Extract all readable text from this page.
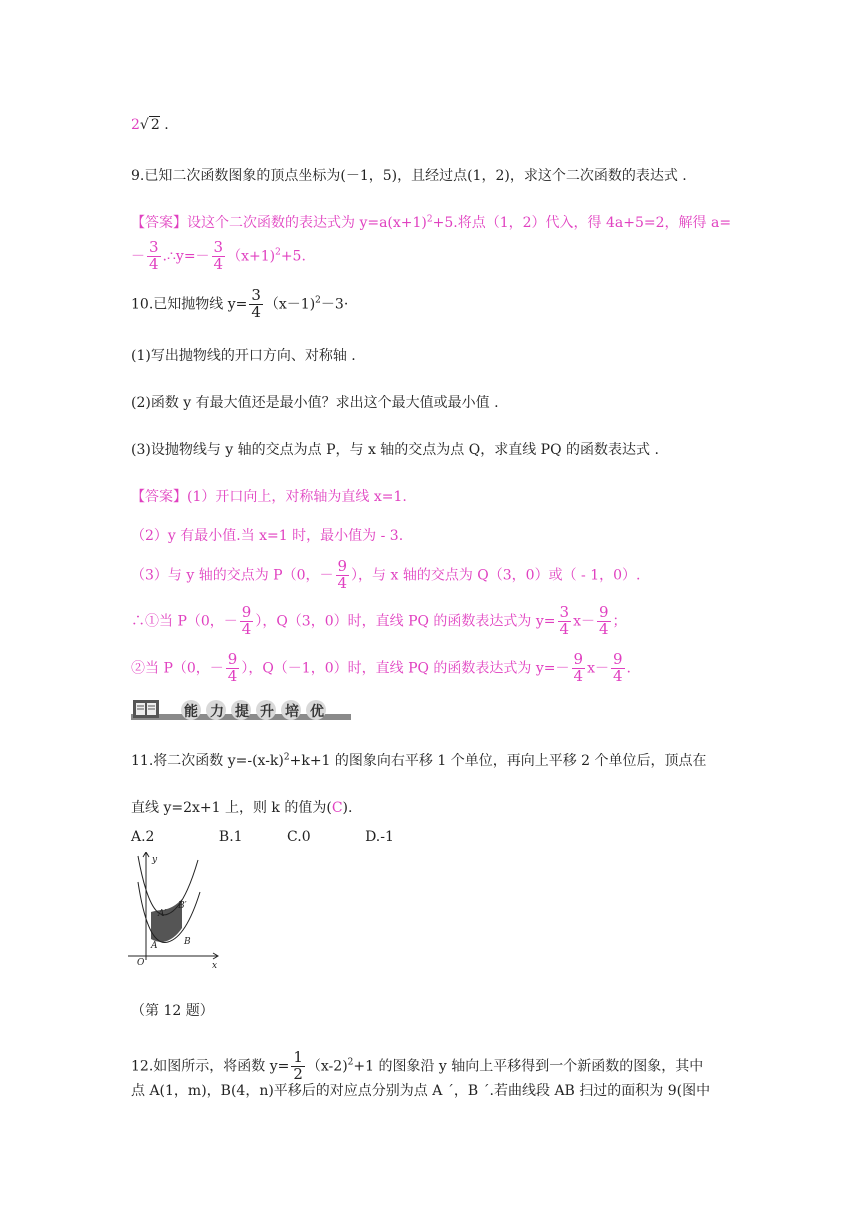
2√ 2 .
9.已知二次函数图象的顶点坐标为(－1，5)，且经过点(1，2)，求这个二次函数的表达式 .
【答案】设这个二次函数的表达式为 $y=a(x+1)^2+5$.将点（1，2）代入，得 4a+5=2，解得 a=
－ $\frac{3}{4}$ .∴y=－ $\frac{3}{4} (x+1)^2+5$.
10.已知抛物线 $y= \frac{3}{4} (x-1)^2-3\cdot$
(1)写出抛物线的开口方向、对称轴 .
(2)函数 y 有最大值还是最小值？求出这个最大值或最小值 .
(3)设抛物线与 y 轴的交点为点 P，与 x 轴的交点为点 Q，求直线 PQ 的函数表达式 .
【答案】(1）开口向上，对称轴为直线 x=1.
（2）y 有最小值.当 x=1 时，最小值为 - 3.
（3）与 y 轴的交点为 P（0，－ $\frac{9}{4}$ ），与 x 轴的交点为 Q（3，0）或（ - 1，0）.
∴①当 P（0，－ $\frac{9}{4}$ ），Q（3，0）时，直线 PQ 的函数表达式为 $y= \frac{3}{4} x- \frac{9}{4}$ ；
②当 P（0，－ $\frac{9}{4}$ ），Q（－1，0）时，直线 PQ 的函数表达式为 $y=- \frac{9}{4} x- \frac{9}{4}$ .
能 力 提 升 培 优
11.将二次函数 $y=-(x-k)^2+k+1$ 的图象向右平移 1 个单位，再向上平移 2 个单位后，顶点在
直线 y=2x+1 上，则 k 的值为(C).
A.2	B.1	C.0	D.-1
y
x
O
A	B
A′
B′
（第 12 题）
12.如图所示，将函数 $y= \frac{1}{2} (x-2)^2+1$ 的图象沿 y 轴向上平移得到一个新函数的图象，其中
点 A(1，m)，B(4，n)平移后的对应点分别为点 A ˊ，B ˊ.若曲线段 AB 扫过的面积为 9(图中
